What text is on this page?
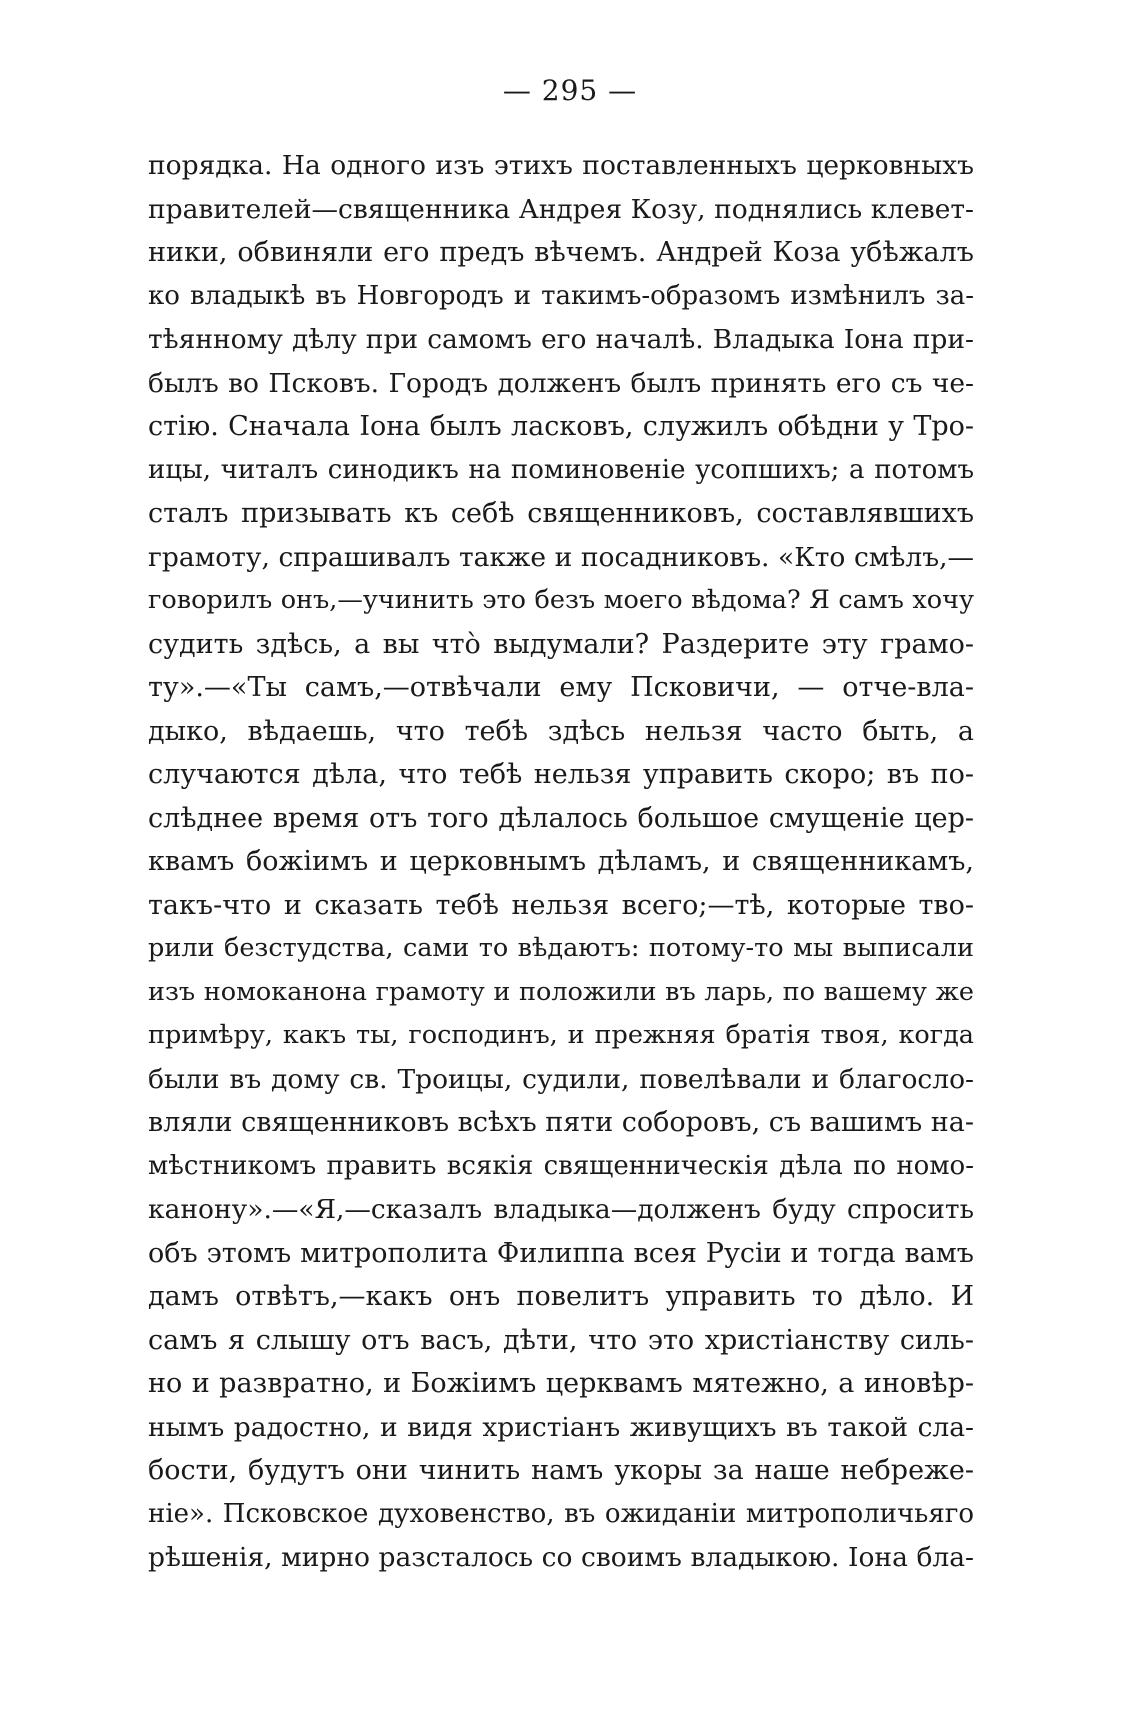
— 295 —
порядка. На одного изъ этихъ поставленныхъ церковныхъ
правителей—священника Андрея Козу, поднялись клевет-
ники, обвиняли его предъ вѣчемъ. Андрей Коза убѣжалъ
ко владыкѣ въ Новгородъ и такимъ-образомъ измѣнилъ за-
тѣянному дѣлу при самомъ его началѣ. Владыка Іона при-
былъ во Псковъ. Городъ долженъ былъ принять его съ че-
стію. Сначала Іона былъ ласковъ, служилъ обѣдни у Тро-
ицы, читалъ синодикъ на поминовеніе усопшихъ; а потомъ
сталъ призывать къ себѣ священниковъ, составлявшихъ
грамоту, спрашивалъ также и посадниковъ. «Кто смѣлъ,—
говорилъ онъ,—учинить это безъ моего вѣдома? Я самъ хочу
судить здѣсь, а вы что̀ выдумали? Раздерите эту грамо-
ту».—«Ты самъ,—отвѣчали ему Псковичи, — отче-вла-
дыко, вѣдаешь, что тебѣ здѣсь нельзя часто быть, а
случаются дѣла, что тебѣ нельзя управить скоро; въ по-
слѣднее время отъ того дѣлалось большое смущеніе цер-
квамъ божіимъ и церковнымъ дѣламъ, и священникамъ,
такъ-что и сказать тебѣ нельзя всего;—тѣ, которые тво-
рили безстудства, сами то вѣдаютъ: потому-то мы выписали
изъ номоканона грамоту и положили въ ларь, по вашему же
примѣру, какъ ты, господинъ, и прежняя братія твоя, когда
были въ дому св. Троицы, судили, повелѣвали и благосло-
вляли священниковъ всѣхъ пяти соборовъ, съ вашимъ на-
мѣстникомъ править всякія священническія дѣла по номо-
канону».—«Я,—сказалъ владыка—долженъ буду спросить
объ этомъ митрополита Филиппа всея Русіи и тогда вамъ
дамъ отвѣтъ,—какъ онъ повелитъ управить то дѣло. И
самъ я слышу отъ васъ, дѣти, что это христіанству силь-
но и развратно, и Божіимъ церквамъ мятежно, а иновѣр-
нымъ радостно, и видя христіанъ живущихъ въ такой сла-
бости, будутъ они чинить намъ укоры за наше небреже-
ніе». Псковское духовенство, въ ожиданіи митрополичьяго
рѣшенія, мирно разсталось со своимъ владыкою. Іона бла-
